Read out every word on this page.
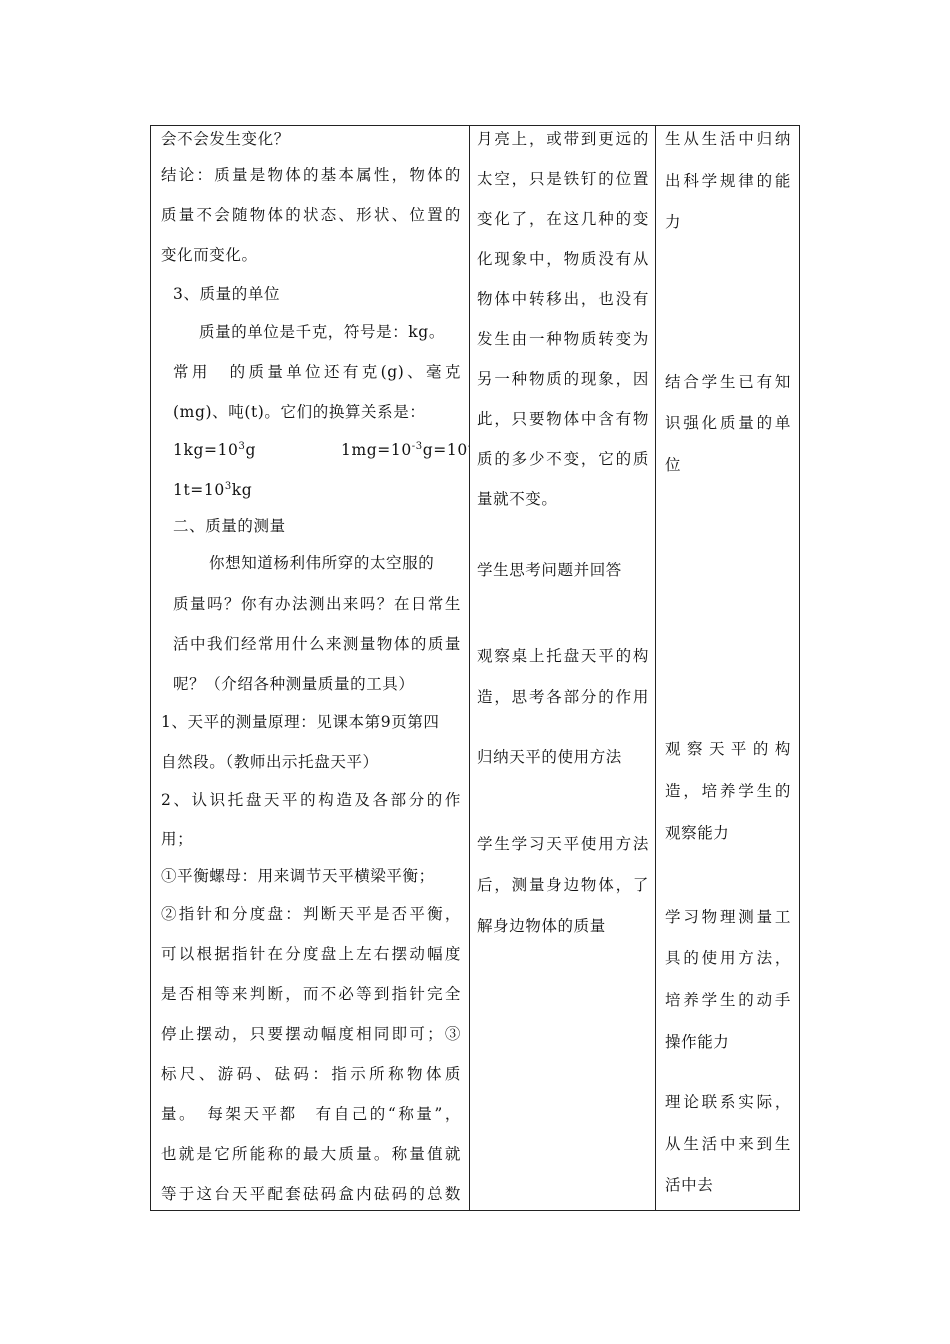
会不会发生变化？
结论：质量是物体的基本属性，物体的
质量不会随物体的状态、形状、位置的
变化而变化。
3、质量的单位
质量的单位是千克，符号是：kg。
常用　的质量单位还有克(g)、毫克
(mg)、吨(t)。它们的换算关系是：
$1kg=10^3g$	$1mg=10^{-3}g=10$
$1t=10^3kg$
二、质量的测量
你想知道杨利伟所穿的太空服的
质量吗？你有办法测出来吗？在日常生
活中我们经常用什么来测量物体的质量
呢？（介绍各种测量质量的工具）
1、天平的测量原理：见课本第9页第四
自然段。（教师出示托盘天平）
2、认识托盘天平的构造及各部分的作
用；
①平衡螺母：用来调节天平横梁平衡；
②指针和分度盘：判断天平是否平衡，
可以根据指针在分度盘上左右摆动幅度
是否相等来判断，而不必等到指针完全
停止摆动，只要摆动幅度相同即可；③
标尺、游码、砝码：指示所称物体质
量。　每架天平都　有自己的“称量”，
也就是它所能称的最大质量。称量值就
等于这台天平配套砝码盒内砝码的总数
月亮上，或带到更远的
太空，只是铁钉的位置
变化了，在这几种的变
化现象中，物质没有从
物体中转移出，也没有
发生由一种物质转变为
另一种物质的现象，因
此，只要物体中含有物
质的多少不变，它的质
量就不变。
学生思考问题并回答
观察桌上托盘天平的构
造，思考各部分的作用
归纳天平的使用方法
学生学习天平使用方法
后，测量身边物体，了
解身边物体的质量
生从生活中归纳
出科学规律的能
力
结合学生已有知
识强化质量的单
位
观察天平的构
造，培养学生的
观察能力
学习物理测量工
具的使用方法，
培养学生的动手
操作能力
理论联系实际，
从生活中来到生
活中去
